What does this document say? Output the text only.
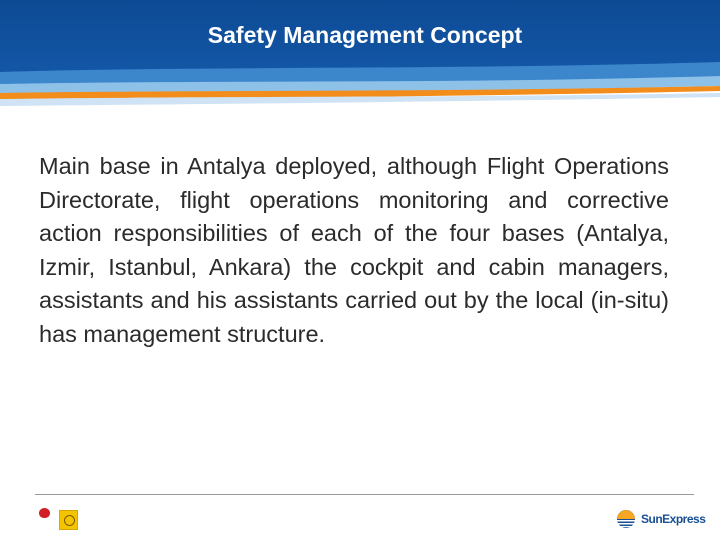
Safety Management Concept
Main base in Antalya deployed, although Flight Operations Directorate, flight operations monitoring and corrective action responsibilities of each of the four bases (Antalya, Izmir, Istanbul, Ankara) the cockpit and cabin managers, assistants and his assistants carried out by the local (in-situ) has management structure.
SunExpress
